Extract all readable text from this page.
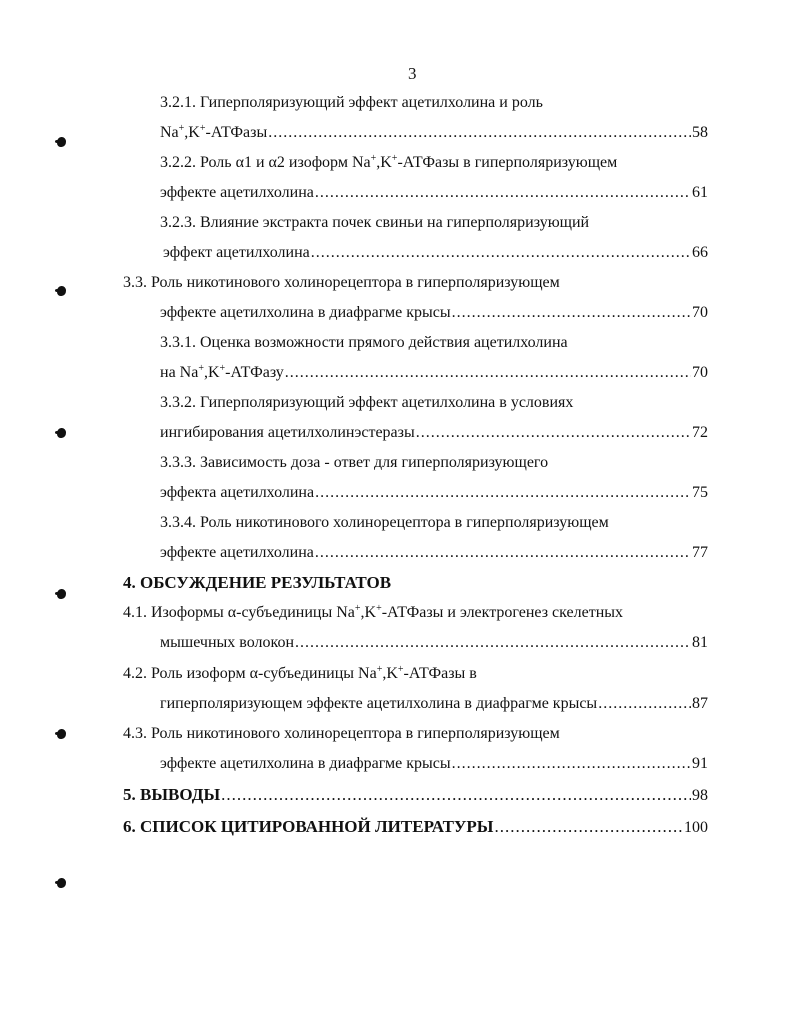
3
3.2.1. Гиперполяризующий эффект ацетилхолина и роль
Na+,K+-АТФазы .....	58
3.2.2. Роль α1 и α2 изоформ Na+,K+-АТФазы в гиперполяризующем
эффекте ацетилхолина .....	61
3.2.3. Влияние экстракта почек свиньи на гиперполяризующий
эффект ацетилхолина .....	66
3.3. Роль никотинового холинорецептора в гиперполяризующем
эффекте ацетилхолина в диафрагме крысы .....	70
3.3.1. Оценка возможности прямого действия ацетилхолина
на Na+,K+-АТФазу .....	70
3.3.2. Гиперполяризующий эффект ацетилхолина в условиях
ингибирования ацетилхолинэстеразы .....	72
3.3.3. Зависимость доза - ответ для гиперполяризующего
эффекта ацетилхолина .....	75
3.3.4. Роль никотинового холинорецептора в гиперполяризующем
эффекте ацетилхолина .....	77
4. ОБСУЖДЕНИЕ РЕЗУЛЬТАТОВ
4.1. Изоформы α-субъединицы Na+,K+-АТФазы и электрогенез скелетных
мышечных волокон .....	81
4.2. Роль изоформ α-субъединицы Na+,K+-АТФазы в
гиперполяризующем эффекте ацетилхолина в диафрагме крысы .....	87
4.3. Роль никотинового холинорецептора в гиперполяризующем
эффекте ацетилхолина в диафрагме крысы .....	91
5. ВЫВОДЫ .....	98
6. СПИСОК ЦИТИРОВАННОЙ ЛИТЕРАТУРЫ .....	100
